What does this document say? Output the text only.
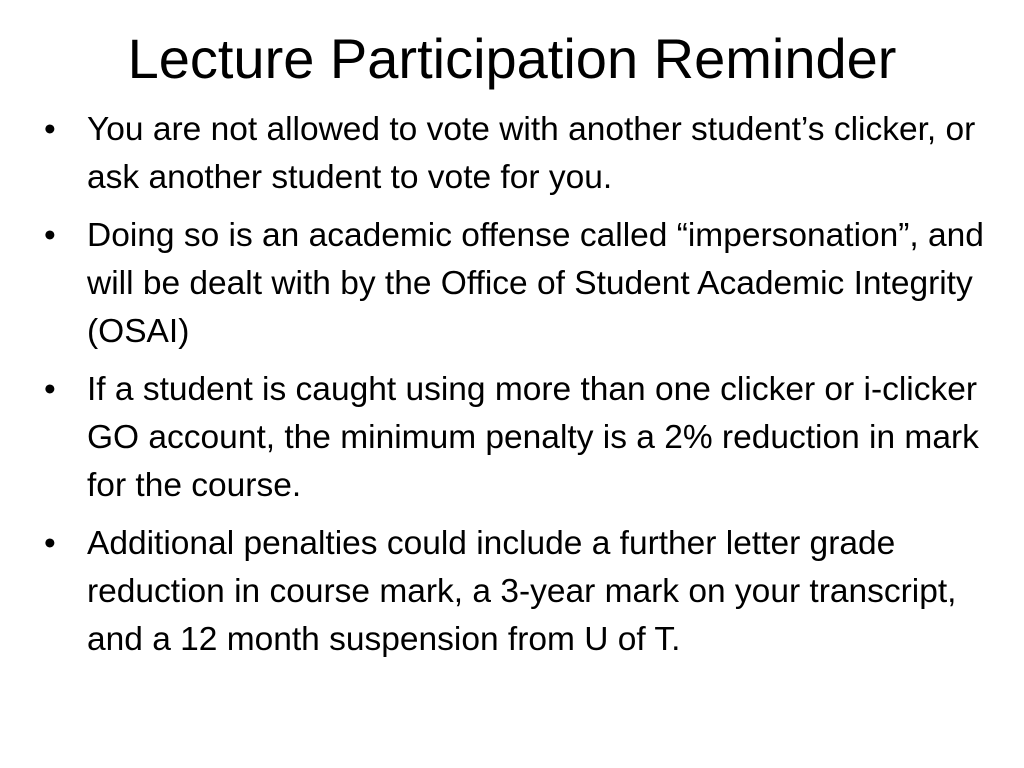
Lecture Participation Reminder
• You are not allowed to vote with another student’s clicker, or ask another student to vote for you.
• Doing so is an academic offense called “impersonation”, and will be dealt with by the Office of Student Academic Integrity (OSAI)
• If a student is caught using more than one clicker or i-clicker GO account, the minimum penalty is a 2% reduction in mark for the course.
• Additional penalties could include a further letter grade reduction in course mark, a 3-year mark on your transcript, and a 12 month suspension from U of T.
